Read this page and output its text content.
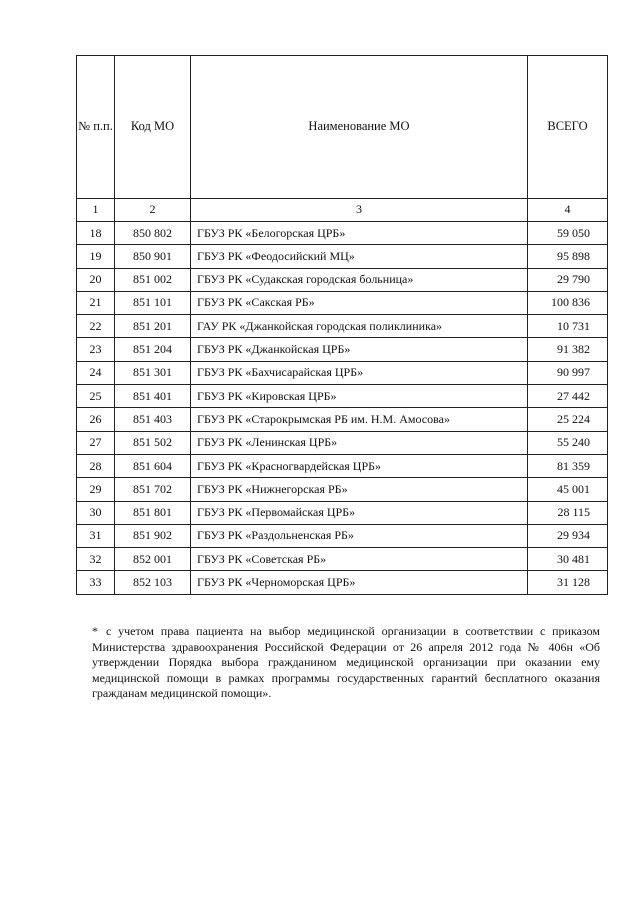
№ п.п.	Код МО	Наименование МО	ВСЕГО
1	2	3	4
18	850 802	ГБУЗ РК «Белогорская ЦРБ»	59 050
19	850 901	ГБУЗ РК «Феодосийский МЦ»	95 898
20	851 002	ГБУЗ РК «Судакская городская больница»	29 790
21	851 101	ГБУЗ РК «Сакская РБ»	100 836
22	851 201	ГАУ РК «Джанкойская городская поликлиника»	10 731
23	851 204	ГБУЗ РК «Джанкойская ЦРБ»	91 382
24	851 301	ГБУЗ РК «Бахчисарайская ЦРБ»	90 997
25	851 401	ГБУЗ РК «Кировская ЦРБ»	27 442
26	851 403	ГБУЗ РК «Старокрымская РБ им. Н.М. Амосова»	25 224
27	851 502	ГБУЗ РК «Ленинская ЦРБ»	55 240
28	851 604	ГБУЗ РК «Красногвардейская ЦРБ»	81 359
29	851 702	ГБУЗ РК «Нижнегорская РБ»	45 001
30	851 801	ГБУЗ РК «Первомайская ЦРБ»	28 115
31	851 902	ГБУЗ РК «Раздольненская РБ»	29 934
32	852 001	ГБУЗ РК «Советская РБ»	30 481
33	852 103	ГБУЗ РК «Черноморская ЦРБ»	31 128

* с учетом права пациента на выбор медицинской организации в соответствии с приказом Министерства здравоохранения Российской Федерации от 26 апреля 2012 года № 406н «Об утверждении Порядка выбора гражданином медицинской организации при оказании ему медицинской помощи в рамках программы государственных гарантий бесплатного оказания гражданам медицинской помощи».
